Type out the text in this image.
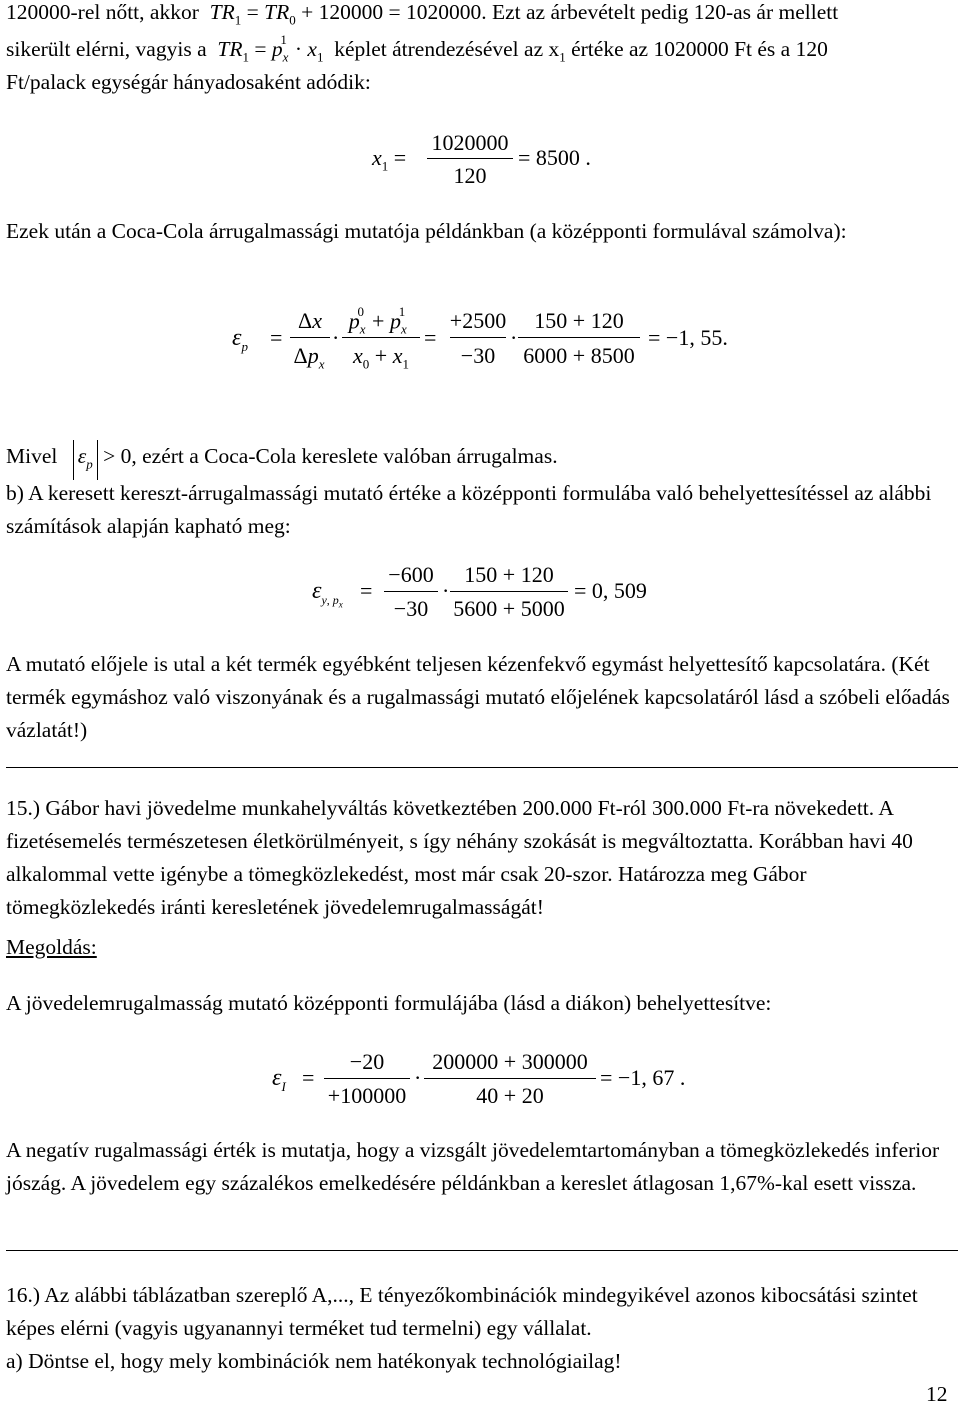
120000-rel nőtt, akkor $TR_1 = TR_0 + 120000 = 1020000$. Ezt az árbevételt pedig 120-as ár mellett
sikerült elérni, vagyis a $TR_1 = p_x^1 \cdot x_1$ képlet átrendezésével az $x_1$ értéke az 1020000 Ft és a 120
Ft/palack egységár hányadosaként adódik:
$x_1$ =
1020000
120
= 8500 .
Ezek után a Coca-Cola árrugalmassági mutatója példánkban (a középponti formulával számolva):
$\varepsilon_p$ =
Δx
$\Delta p_x$
·
$p_x^0 + p_x^1$
$x_0 + x_1$
=
+2500
−30
·
150 + 120
6000 + 8500
= −1, 55.
Mivel $\varepsilon_p > 0$, ezért a Coca-Cola kereslete valóban árrugalmas.
b) A keresett kereszt-árrugalmassági mutató értéke a középponti formulába való behelyettesítéssel az alábbi számítások alapján kapható meg:
$\varepsilon_{y, p_x}$
=
−600
−30
·
150 + 120
5600 + 5000
= 0, 509
A mutató előjele is utal a két termék egyébként teljesen kézenfekvő egymást helyettesítő kapcsolatára. (Két termék egymáshoz való viszonyának és a rugalmassági mutató előjelének kapcsolatáról lásd a szóbeli előadás vázlatát!)
15.) Gábor havi jövedelme munkahelyváltás következtében 200.000 Ft-ról 300.000 Ft-ra növekedett. A fizetésemelés természetesen életkörülményeit, s így néhány szokását is megváltoztatta. Korábban havi 40 alkalommal vette igénybe a tömegközlekedést, most már csak 20-szor. Határozza meg Gábor tömegközlekedés iránti keresletének jövedelemrugalmasságát!
Megoldás:
A jövedelemrugalmasság mutató középponti formulájába (lásd a diákon) behelyettesítve:
$\varepsilon_I$ =
−20
+100000
·
200000 + 300000
40 + 20
= −1, 67 .
A negatív rugalmassági érték is mutatja, hogy a vizsgált jövedelemtartományban a tömegközlekedés inferior jószág. A jövedelem egy százalékos emelkedésére példánkban a kereslet átlagosan 1,67%-kal esett vissza.
16.) Az alábbi táblázatban szereplő A,..., E tényezőkombinációk mindegyikével azonos kibocsátási szintet képes elérni (vagyis ugyanannyi terméket tud termelni) egy vállalat.
a) Döntse el, hogy mely kombinációk nem hatékonyak technológiailag!
12
